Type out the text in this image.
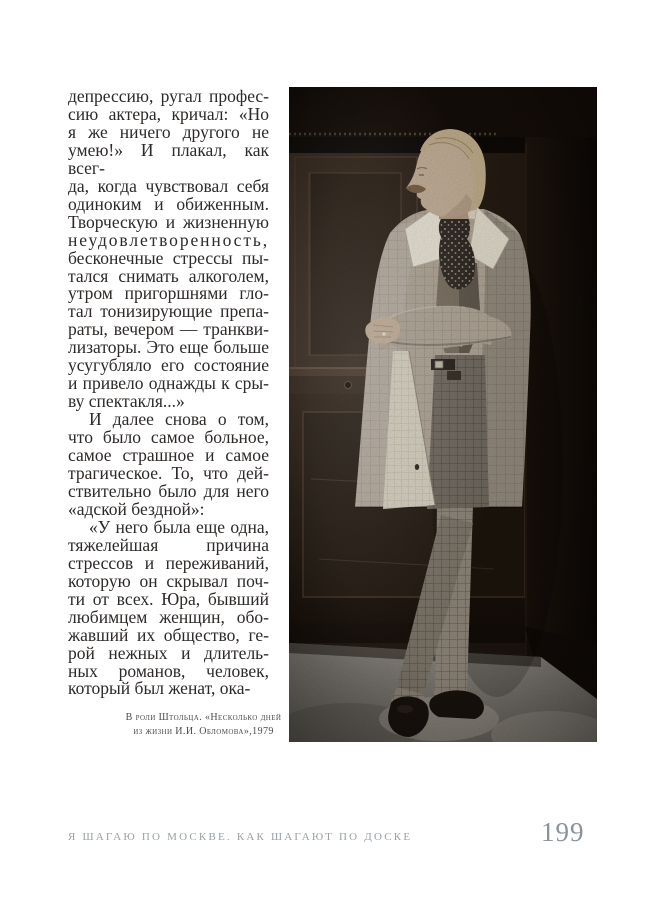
депрессию, ругал профес-
сию актера, кричал: «Но
я же ничего другого не
умею!» И плакал, как всег-
да, когда чувствовал себя
одиноким и обиженным.
Творческую и жизненную
неудовлетворенность,
бесконечные стрессы пы-
тался снимать алкоголем,
утром пригоршнями гло-
тал тонизирующие препа-
раты, вечером — транкви-
лизаторы. Это еще больше
усугубляло его состояние
и привело однажды к сры-
ву спектакля...»
И далее снова о том,
что было самое больное,
самое страшное и самое
трагическое. То, что дей-
ствительно было для него
«адской бездной»:
«У него была еще одна,
тяжелейшая причина
стрессов и переживаний,
которую он скрывал поч-
ти от всех. Юра, бывший
любимцем женщин, обо-
жавший их общество, ге-
рой нежных и длитель-
ных романов, человек,
который был женат, ока-
В роли Штольца. «Несколько дней
из жизни И.И. Обломова»,1979
Я ШАГАЮ ПО МОСКВЕ. КАК ШАГАЮТ ПО ДОСКЕ	199
